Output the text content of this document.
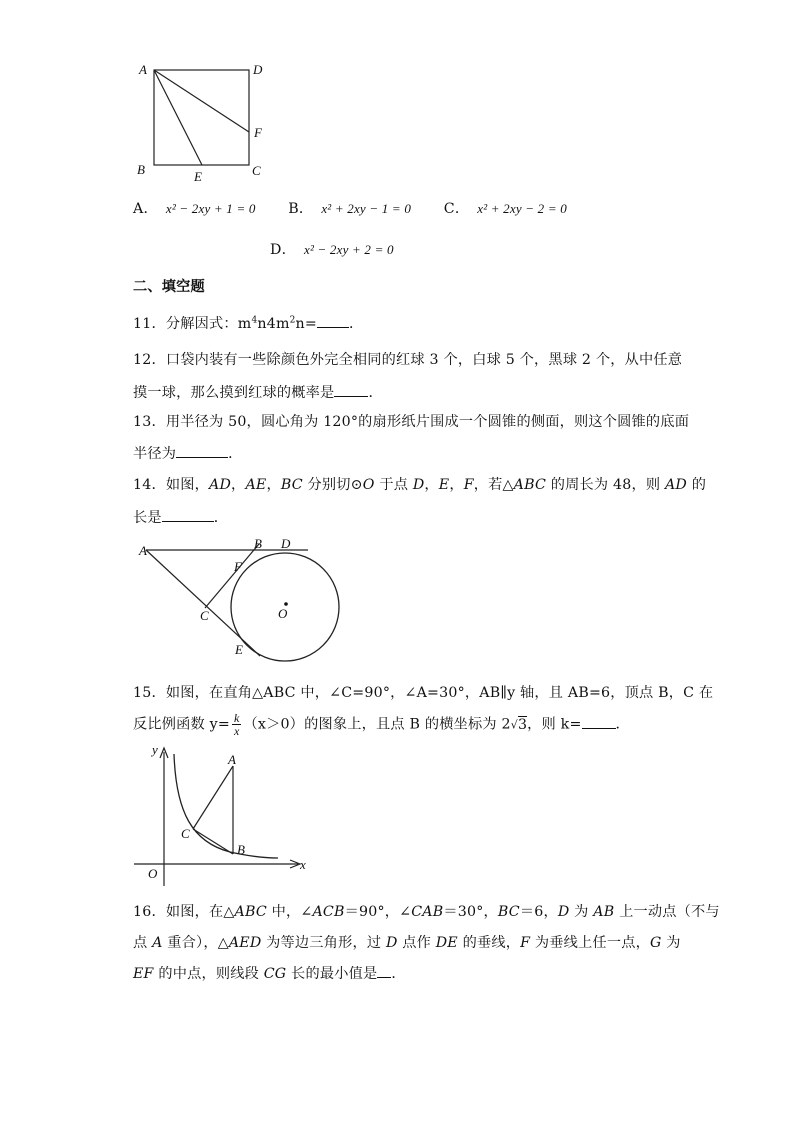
A	D
F
B	E	C
A． x² − 2xy + 1 = 0 B． x² + 2xy − 1 = 0 C． x² + 2xy − 2 = 0
D． x² − 2xy + 2 = 0
二、填空题
11．分解因式：$m^4n4m^2n=$ ．
12．口袋内装有一些除颜色外完全相同的红球 3 个，白球 5 个，黑球 2 个，从中任意
摸一球，那么摸到红球的概率是 ．
13．用半径为 50，圆心角为 120°的扇形纸片围成一个圆锥的侧面，则这个圆锥的底面
半径为	．
14．如图，AD，AE，BC 分别切⊙O 于点 D，E，F，若△ABC 的周长为 48，则 AD 的
长是	．
A	B D
F
C	O
E
15．如图，在直角△ABC 中，∠C=90°，∠A=30°，AB∥y 轴，且 AB=6，顶点 B，C 在
反比例函数 $y= \frac{k}{x} (x>0)$的图象上，且点 B 的横坐标为 2√3，则 k= ．
y
x
O
A
B
C
16．如图，在△ABC 中，∠ACB＝90°，∠CAB＝30°，BC＝6，D 为 AB 上一动点（不与
点 A 重合），△AED 为等边三角形，过 D 点作 DE 的垂线，F 为垂线上任一点，G 为
EF 的中点，则线段 CG 长的最小值是 ．
